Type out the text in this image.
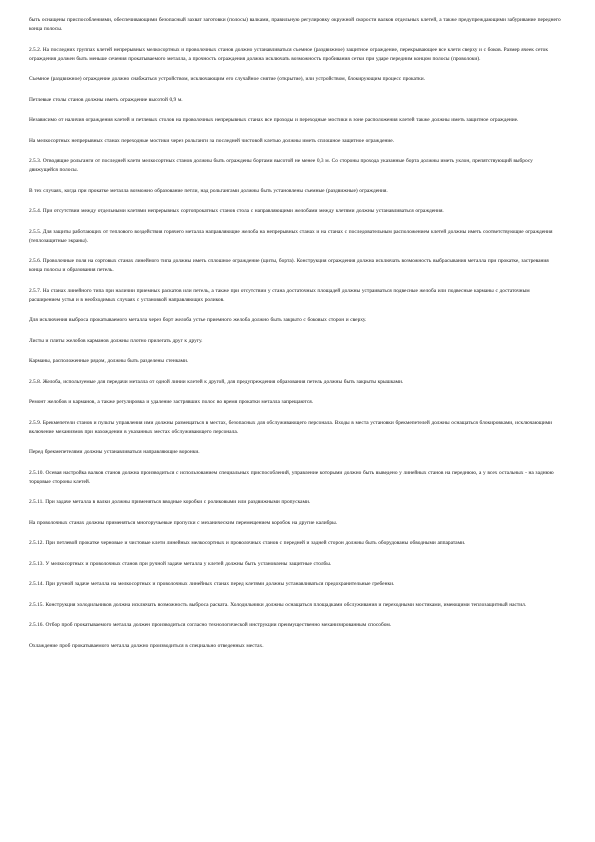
быть оснащены приспособлениями, обеспечивающими безопасный захват заготовки (полосы) валками, правильную регулировку окружной скорости валков отдельных клетей, а также предупреждающими забуривание переднего конца полосы.

2.5.2. На последних группах клетей непрерывных мелкосортных и проволочных станов должно устанавливаться съемное (раздвижное) защитное ограждение, перекрывающее все клети сверху и с боков. Размер ячеек сеток ограждения должен быть меньше сечения прокатываемого металла, а прочность ограждения должна исключать возможность пробивания сетки при ударе передним концом полосы (проволоки).

Съемное (раздвижное) ограждение должно снабжаться устройством, исключающим его случайное снятие (открытие), или устройством, блокирующим процесс прокатки.

Петлевые столы станов должны иметь ограждение высотой 0,9 м.

Независимо от наличия ограждения клетей и петлевых столов на проволочных непрерывных станах все проходы и переходные мостики в зоне расположения клетей также должны иметь защитное ограждение.

На мелкосортных непрерывных станах переходные мостики через рольганги за последней чистовой клетью должны иметь сплошное защитное ограждение.

2.5.3. Отводящие рольганги от последней клети мелкосортных станов должны быть ограждены бортами высотой не менее 0,3 м. Со стороны прохода указанные борта должны иметь уклон, препятствующий выбросу движущейся полосы.

В тех случаях, когда при прокатке металла возможно образование петли, над рольгангами должны быть установлены съемные (раздвижные) ограждения.

2.5.4. При отсутствии между отдельными клетями непрерывных сортопрокатных станов стола с направляющими желобами между клетями должны устанавливаться ограждения.

2.5.5. Для защиты работающих от теплового воздействия горячего металла направляющие желоба на непрерывных станах и на станах с последовательным расположением клетей должны иметь соответствующие ограждения (теплозащитные экраны).

2.5.6. Проволочные поля на сортовых станах линейного типа должны иметь сплошное ограждение (щиты, борта). Конструкция ограждения должна исключать возможность выбрасывания металла при прокатке, застревания конца полосы и образования петель.

2.5.7. На станах линейного типа при наличии приемных раскатов или петель, а также при отсутствии у стана достаточных площадей должны устраиваться подвесные желоба или подвесные карманы с достаточным расширением устья и в необходимых случаях с установкой направляющих роликов.

Для исключения выброса прокатываемого металла через борт желоба устье приемного желоба должно быть закрыто с боковых сторон и сверху.

Листы и плиты желобов карманов должны плотно прилегать друг к другу.

Карманы, расположенные рядом, должны быть разделены стенками.

2.5.8. Желоба, используемые для передачи металла от одной линии клетей к другой, для предупреждения образования петель должны быть закрыты крышками.

Ремонт желобов и карманов, а также регулировка и удаление застрявших полос во время прокатки металла запрещаются.

2.5.9. Брекмепетели станов и пульты управления ими должны размещаться в местах, безопасных для обслуживающего персонала. Входы в места установки брекмепетелей должны оснащаться блокировками, исключающими включение механизмов при нахождении в указанных местах обслуживающего персонала.

Перед брекмепетелями должны устанавливаться направляющие воронки.

2.5.10. Осевая настройка валков станов должна производиться с использованием специальных приспособлений, управление которыми должно быть выведено у линейных станов на переднюю, а у всех остальных - на заднюю торцовые стороны клетей.

2.5.11. При задаче металла в валки должны применяться вводные коробки с роликовыми или раздвижными пропусками.

На проволочных станах должны применяться многоручьевые пропуски с механическим перемещением коробок на другие калибры.

2.5.12. При петлевой прокатке черновые и чистовые клети линейных мелкосортных и проволочных станов с передней и задней сторон должны быть оборудованы обводными аппаратами.

2.5.13. У мелкосортных и проволочных станов при ручной задаче металла у клетей должны быть установлены защитные столбы.

2.5.14. При ручной задаче металла на мелкосортных и проволочных линейных станах перед клетями должны устанавливаться предохранительные гребенки.

2.5.15. Конструкция холодильников должна исключать возможность выброса раската. Холодильники должны оснащаться площадками обслуживания и переходными мостиками, имеющими теплозащитный настил.

2.5.16. Отбор проб прокатываемого металла должен производиться согласно технологической инструкции преимущественно механизированным способом.

Охлаждение проб прокатываемого металла должно производиться в специально отведенных местах.
